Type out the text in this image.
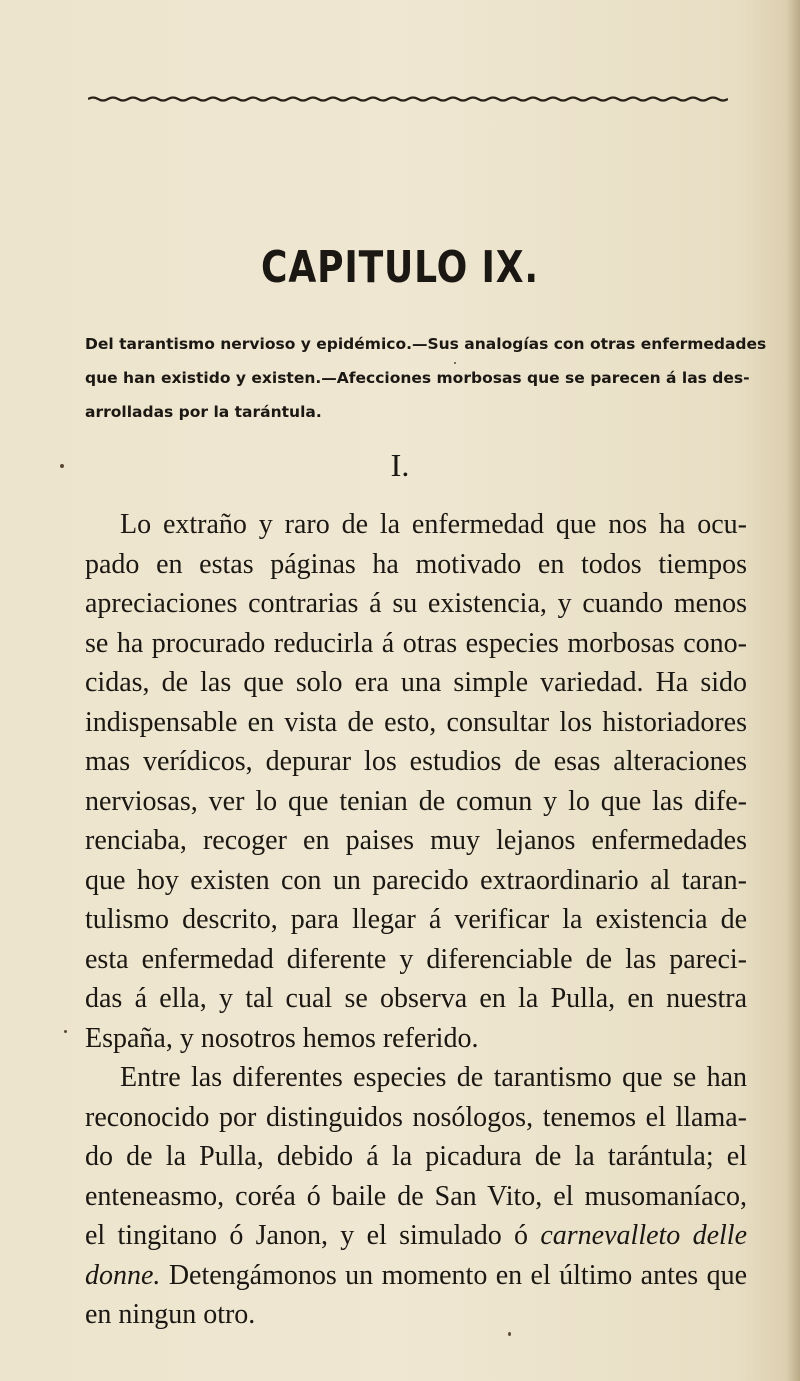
CAPITULO IX.
Del tarantismo nervioso y epidémico.—Sus analogías con otras enfermedades
que han existido y existen.—Afecciones morbosas que se parecen á las des-
arrolladas por la tarántula.
I.
Lo extraño y raro de la enfermedad que nos ha ocu-
pado en estas páginas ha motivado en todos tiempos
apreciaciones contrarias á su existencia, y cuando menos
se ha procurado reducirla á otras especies morbosas cono-
cidas, de las que solo era una simple variedad. Ha sido
indispensable en vista de esto, consultar los historiadores
mas verídicos, depurar los estudios de esas alteraciones
nerviosas, ver lo que tenian de comun y lo que las dife-
renciaba, recoger en paises muy lejanos enfermedades
que hoy existen con un parecido extraordinario al taran-
tulismo descrito, para llegar á verificar la existencia de
esta enfermedad diferente y diferenciable de las pareci-
das á ella, y tal cual se observa en la Pulla, en nuestra
España, y nosotros hemos referido.
Entre las diferentes especies de tarantismo que se han
reconocido por distinguidos nosólogos, tenemos el llama-
do de la Pulla, debido á la picadura de la tarántula; el
enteneasmo, coréa ó baile de San Vito, el musomaníaco,
el tingitano ó Janon, y el simulado ó carnevalleto delle
donne. Detengámonos un momento en el último antes que
en ningun otro.
